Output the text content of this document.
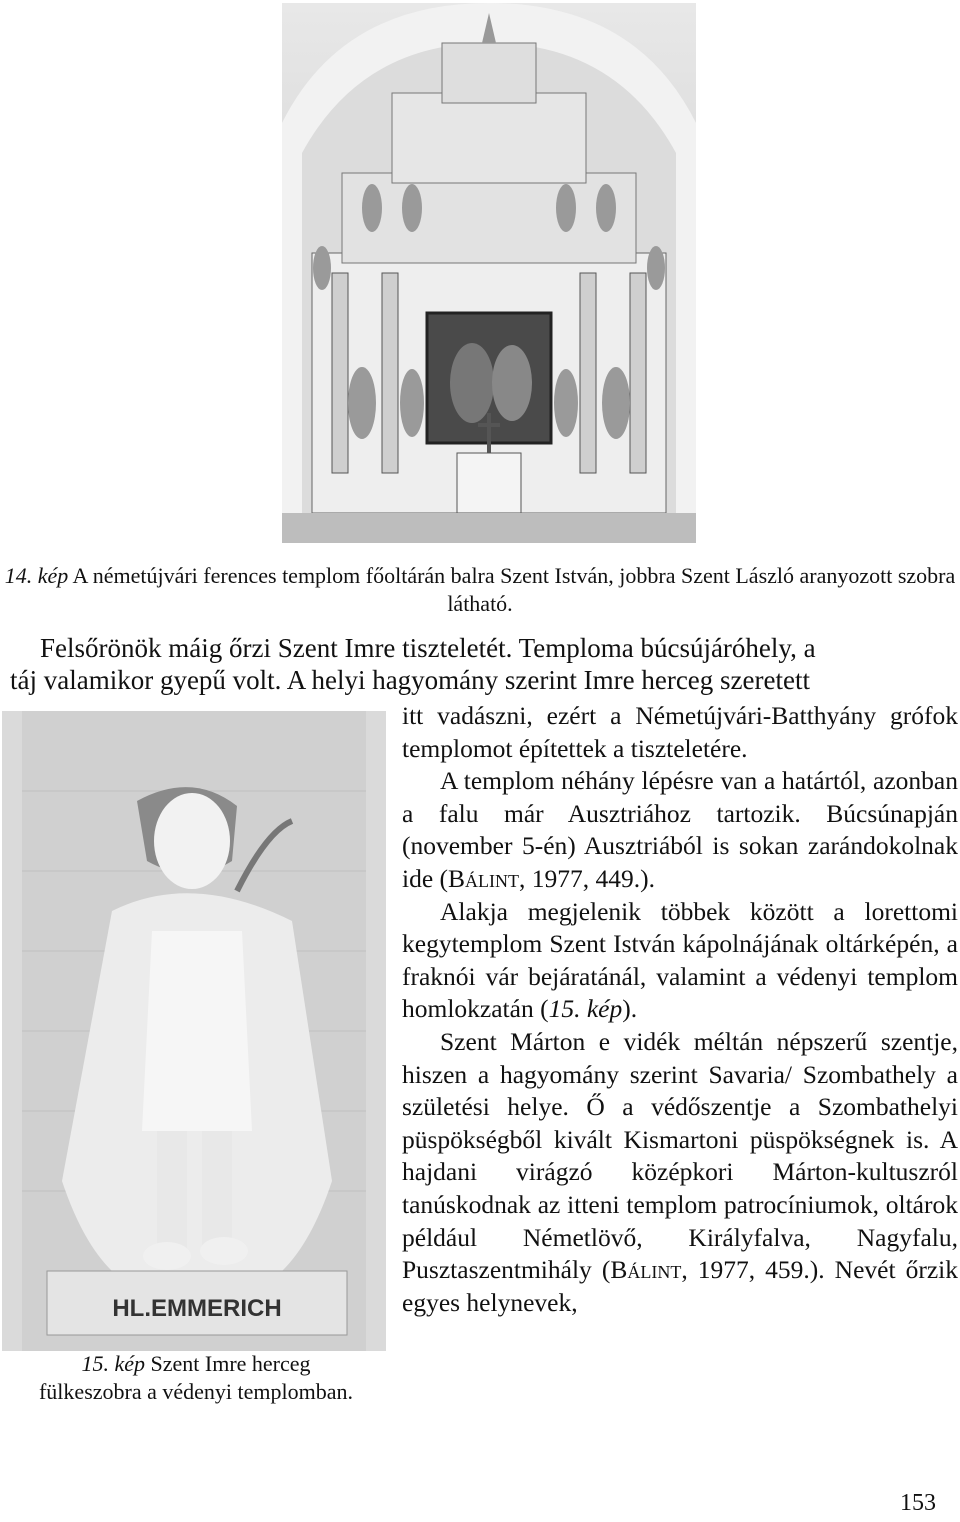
14. kép A németújvári ferences templom főoltárán balra Szent István, jobbra Szent László aranyozott szobra látható.
Felsőrönök máig őrzi Szent Imre tiszteletét. Temploma búcsújáróhely, a
táj valamikor gyepű volt. A helyi hagyomány szerint Imre herceg szeretett
HL.EMMERICH
15. kép Szent Imre herceg
fülkeszobra a védenyi templomban.

itt vadászni, ezért a Németújvári-Batthyány grófok templomot építettek a tiszteletére.

A templom néhány lépésre van a határtól, azonban a falu már Ausztriához tartozik. Búcsúnapján (november 5-én) Ausztriából is sokan zarándokolnak ide (Bálint, 1977, 449.).

Alakja megjelenik többek között a lorettomi kegytemplom Szent István kápolnájának oltárképén, a fraknói vár bejáratánál, valamint a védenyi templom homlokzatán (15. kép).

Szent Márton e vidék méltán népszerű szentje, hiszen a hagyomány szerint Savaria/ Szombathely a születési helye. Ő a védőszentje a Szombathelyi püspökségből kivált Kismartoni püspökségnek is. A hajdani virágzó középkori Márton-kultuszról tanúskodnak az itteni templom patrocíniumok, oltárok például Németlövő, Királyfalva, Nagyfalu, Pusztaszentmihály (Bálint, 1977, 459.). Nevét őrzik egyes helynevek,

153
